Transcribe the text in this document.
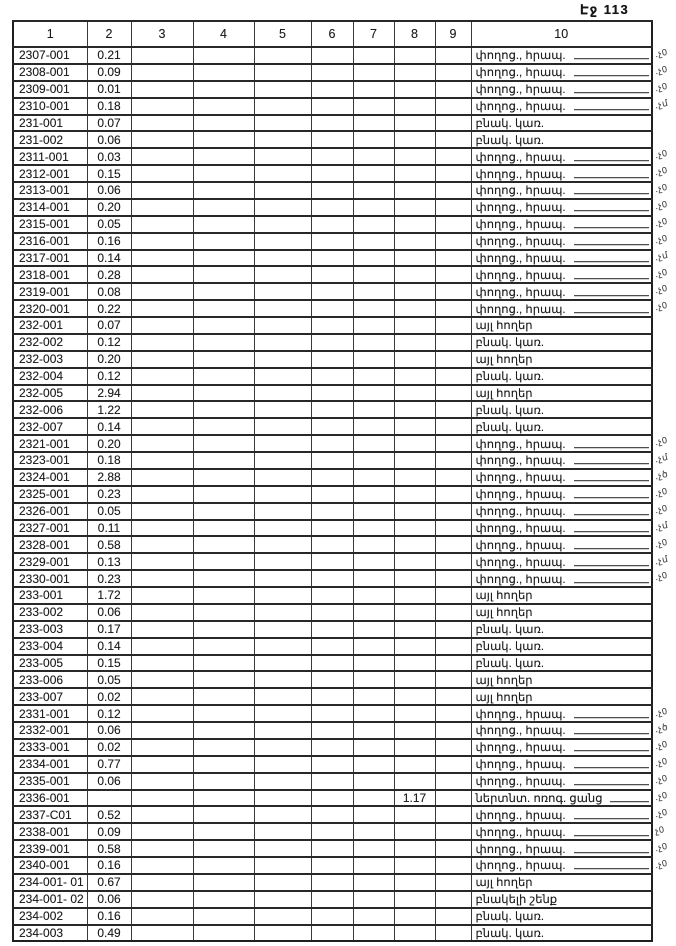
Էջ 113
1	2	3	4	5	6	7	8	9	10
2307-001	0.21								փողոց., հրապ.

2308-001	0.09								փողոց., հրապ.

2309-001	0.01								փողոց., հրապ.

2310-001	0.18								փողոց., հրապ.

231-001	0.07								բնակ. կառ.

231-002	0.06								բնակ. կառ.

2311-001	0.03								փողոց., հրապ.

2312-001	0.15								փողոց., հրապ.

2313-001	0.06								փողոց., հրապ.

2314-001	0.20								փողոց., հրապ.

2315-001	0.05								փողոց., հրապ.

2316-001	0.16								փողոց., հրապ.

2317-001	0.14								փողոց., հրապ.

2318-001	0.28								փողոց., հրապ.

2319-001	0.08								փողոց., հրապ.

2320-001	0.22								փողոց., հրապ.

232-001	0.07								այլ հողեր

232-002	0.12								բնակ. կառ.

232-003	0.20								այլ հողեր

232-004	0.12								բնակ. կառ.

232-005	2.94								այլ հողեր

232-006	1.22								բնակ. կառ.

232-007	0.14								բնակ. կառ.

2321-001	0.20								փողոց., հրապ.

2323-001	0.18								փողոց., հրապ.

2324-001	2.88								փողոց., հրապ.

2325-001	0.23								փողոց., հրապ.

2326-001	0.05								փողոց., հրապ.

2327-001	0.11								փողոց., հրապ.

2328-001	0.58								փողոց., հրապ.

2329-001	0.13								փողոց., հրապ.

2330-001	0.23								փողոց., հրապ.

233-001	1.72								այլ հողեր

233-002	0.06								այլ հողեր

233-003	0.17								բնակ. կառ.

233-004	0.14								բնակ. կառ.

233-005	0.15								բնակ. կառ.

233-006	0.05								այլ հողեր

233-007	0.02								այլ հողեր

2331-001	0.12								փողոց., հրապ.

2332-001	0.06								փողոց., հրապ.

2333-001	0.02								փողոց., հրապ.

2334-001	0.77								փողոց., հրապ.

2335-001	0.06								փողոց., հրապ.

2336-001							1.17		ներտնտ. ոռոգ. ցանց

2337-C01	0.52								փողոց., հրապ.

2338-001	0.09								փողոց., հրապ.

2339-001	0.58								փողոց., հրապ.

2340-001	0.16								փողոց., հրապ.

234-001- 01	0.67								այլ հողեր

234-001- 02	0.06								բնակելի շենք

234-002	0.16								բնակ. կառ.

234-003	0.49								բնակ. կառ.
.չ0
.չ0
.չ0
.չմ
.չ0
.չ0
.չ0
.չ0
.չ0
.չ0
.չմ
.չ0
.չ0
.չ0
.չ0
.չմ
.չծ
.չ0
.չ0
.չմ
.չ0
.չմ
.չ0
.չ0
.չծ
.չ0
.չ0
.չ0
.չ0
.չ0
չ0
.չ0
.չ0
